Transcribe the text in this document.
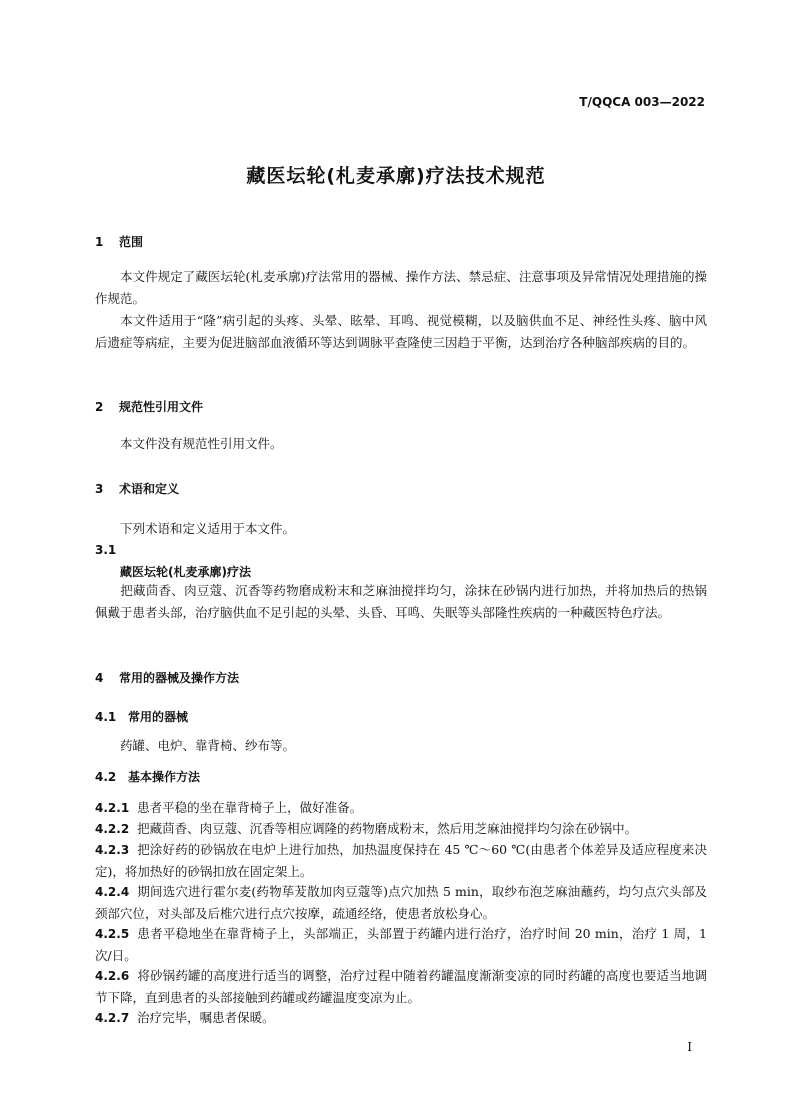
T/QQCA 003—2022
藏医坛轮(札麦承廓)疗法技术规范
1 范围
本文件规定了藏医坛轮(札麦承廓)疗法常用的器械、操作方法、禁忌症、注意事项及异常情况处理措施的操作规范。
本文件适用于“隆”病引起的头疼、头晕、眩晕、耳鸣、视觉模糊，以及脑供血不足、神经性头疼、脑中风后遗症等病症，主要为促进脑部血液循环等达到调脉平查隆使三因趋于平衡，达到治疗各种脑部疾病的目的。
2 规范性引用文件
本文件没有规范性引用文件。
3 术语和定义
下列术语和定义适用于本文件。
3.1
藏医坛轮(札麦承廓)疗法
把藏茴香、肉豆蔻、沉香等药物磨成粉末和芝麻油搅拌均匀，涂抹在砂锅内进行加热，并将加热后的热锅佩戴于患者头部，治疗脑供血不足引起的头晕、头昏、耳鸣、失眠等头部隆性疾病的一种藏医特色疗法。
4 常用的器械及操作方法
4.1 常用的器械
药罐、电炉、靠背椅、纱布等。
4.2 基本操作方法
4.2.1 患者平稳的坐在靠背椅子上，做好准备。
4.2.2 把藏茴香、肉豆蔻、沉香等相应调隆的药物磨成粉末，然后用芝麻油搅拌均匀涂在砂锅中。
4.2.3 把涂好药的砂锅放在电炉上进行加热，加热温度保持在 45 ℃～60 ℃(由患者个体差异及适应程度来决定)，将加热好的砂锅扣放在固定架上。
4.2.4 期间选穴进行霍尔麦(药物荜茇散加肉豆蔻等)点穴加热 5 min，取纱布泡芝麻油蘸药，均匀点穴头部及颈部穴位，对头部及后椎穴进行点穴按摩，疏通经络，使患者放松身心。
4.2.5 患者平稳地坐在靠背椅子上，头部端正，头部置于药罐内进行治疗，治疗时间 20 min，治疗 1 周，1 次/日。
4.2.6 将砂锅药罐的高度进行适当的调整，治疗过程中随着药罐温度渐渐变凉的同时药罐的高度也要适当地调节下降，直到患者的头部接触到药罐或药罐温度变凉为止。
4.2.7 治疗完毕，嘱患者保暖。
I
